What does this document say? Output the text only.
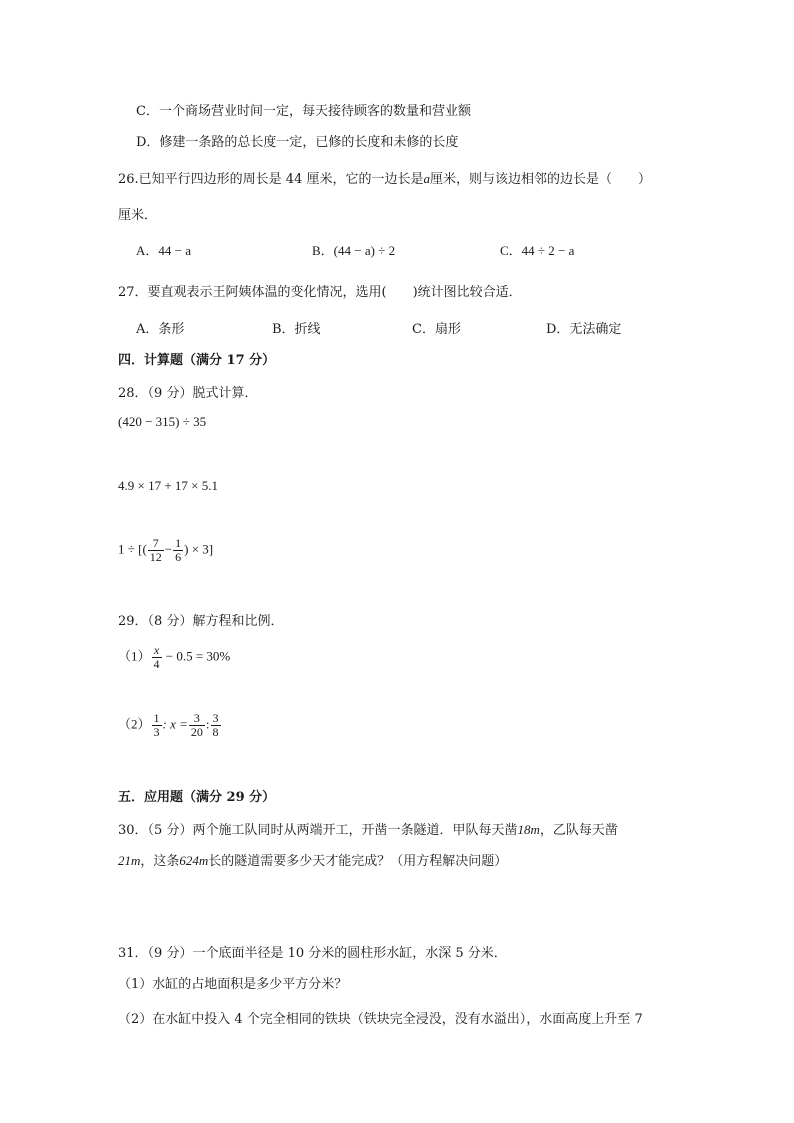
C．一个商场营业时间一定，每天接待顾客的数量和营业额
D．修建一条路的总长度一定，已修的长度和未修的长度
26.已知平行四边形的周长是 44 厘米，它的一边长是a厘米，则与该边相邻的边长是（　　）
厘米．
A．44 − a	B．(44 − a) ÷ 2	C．44 ÷ 2 − a
27．要直观表示王阿姨体温的变化情况，选用(　　)统计图比较合适．
A．条形	B．折线	C．扇形	D．无法确定
四．计算题（满分 17 分）
28．（9 分）脱式计算．
(420 − 315) ÷ 35
4.9 × 17 + 17 × 5.1
1 ÷ [( $\frac{7}{12} - \frac{1}{6}$ ) × 3]
29．（8 分）解方程和比例．
$(1) \frac{x}{4} - 0.5 = 30\%$
$(2) \frac{1}{3}$ : $x = \frac{3}{20}$ : $\frac{3}{8}$
五．应用题（满分 29 分）
30．（5 分）两个施工队同时从两端开工，开凿一条隧道．甲队每天凿18m，乙队每天凿
21m，这条624m长的隧道需要多少天才能完成？（用方程解决问题）
31．（9 分）一个底面半径是 10 分米的圆柱形水缸，水深 5 分米．
（1）水缸的占地面积是多少平方分米？
（2）在水缸中投入 4 个完全相同的铁块（铁块完全浸没，没有水溢出），水面高度上升至 7
